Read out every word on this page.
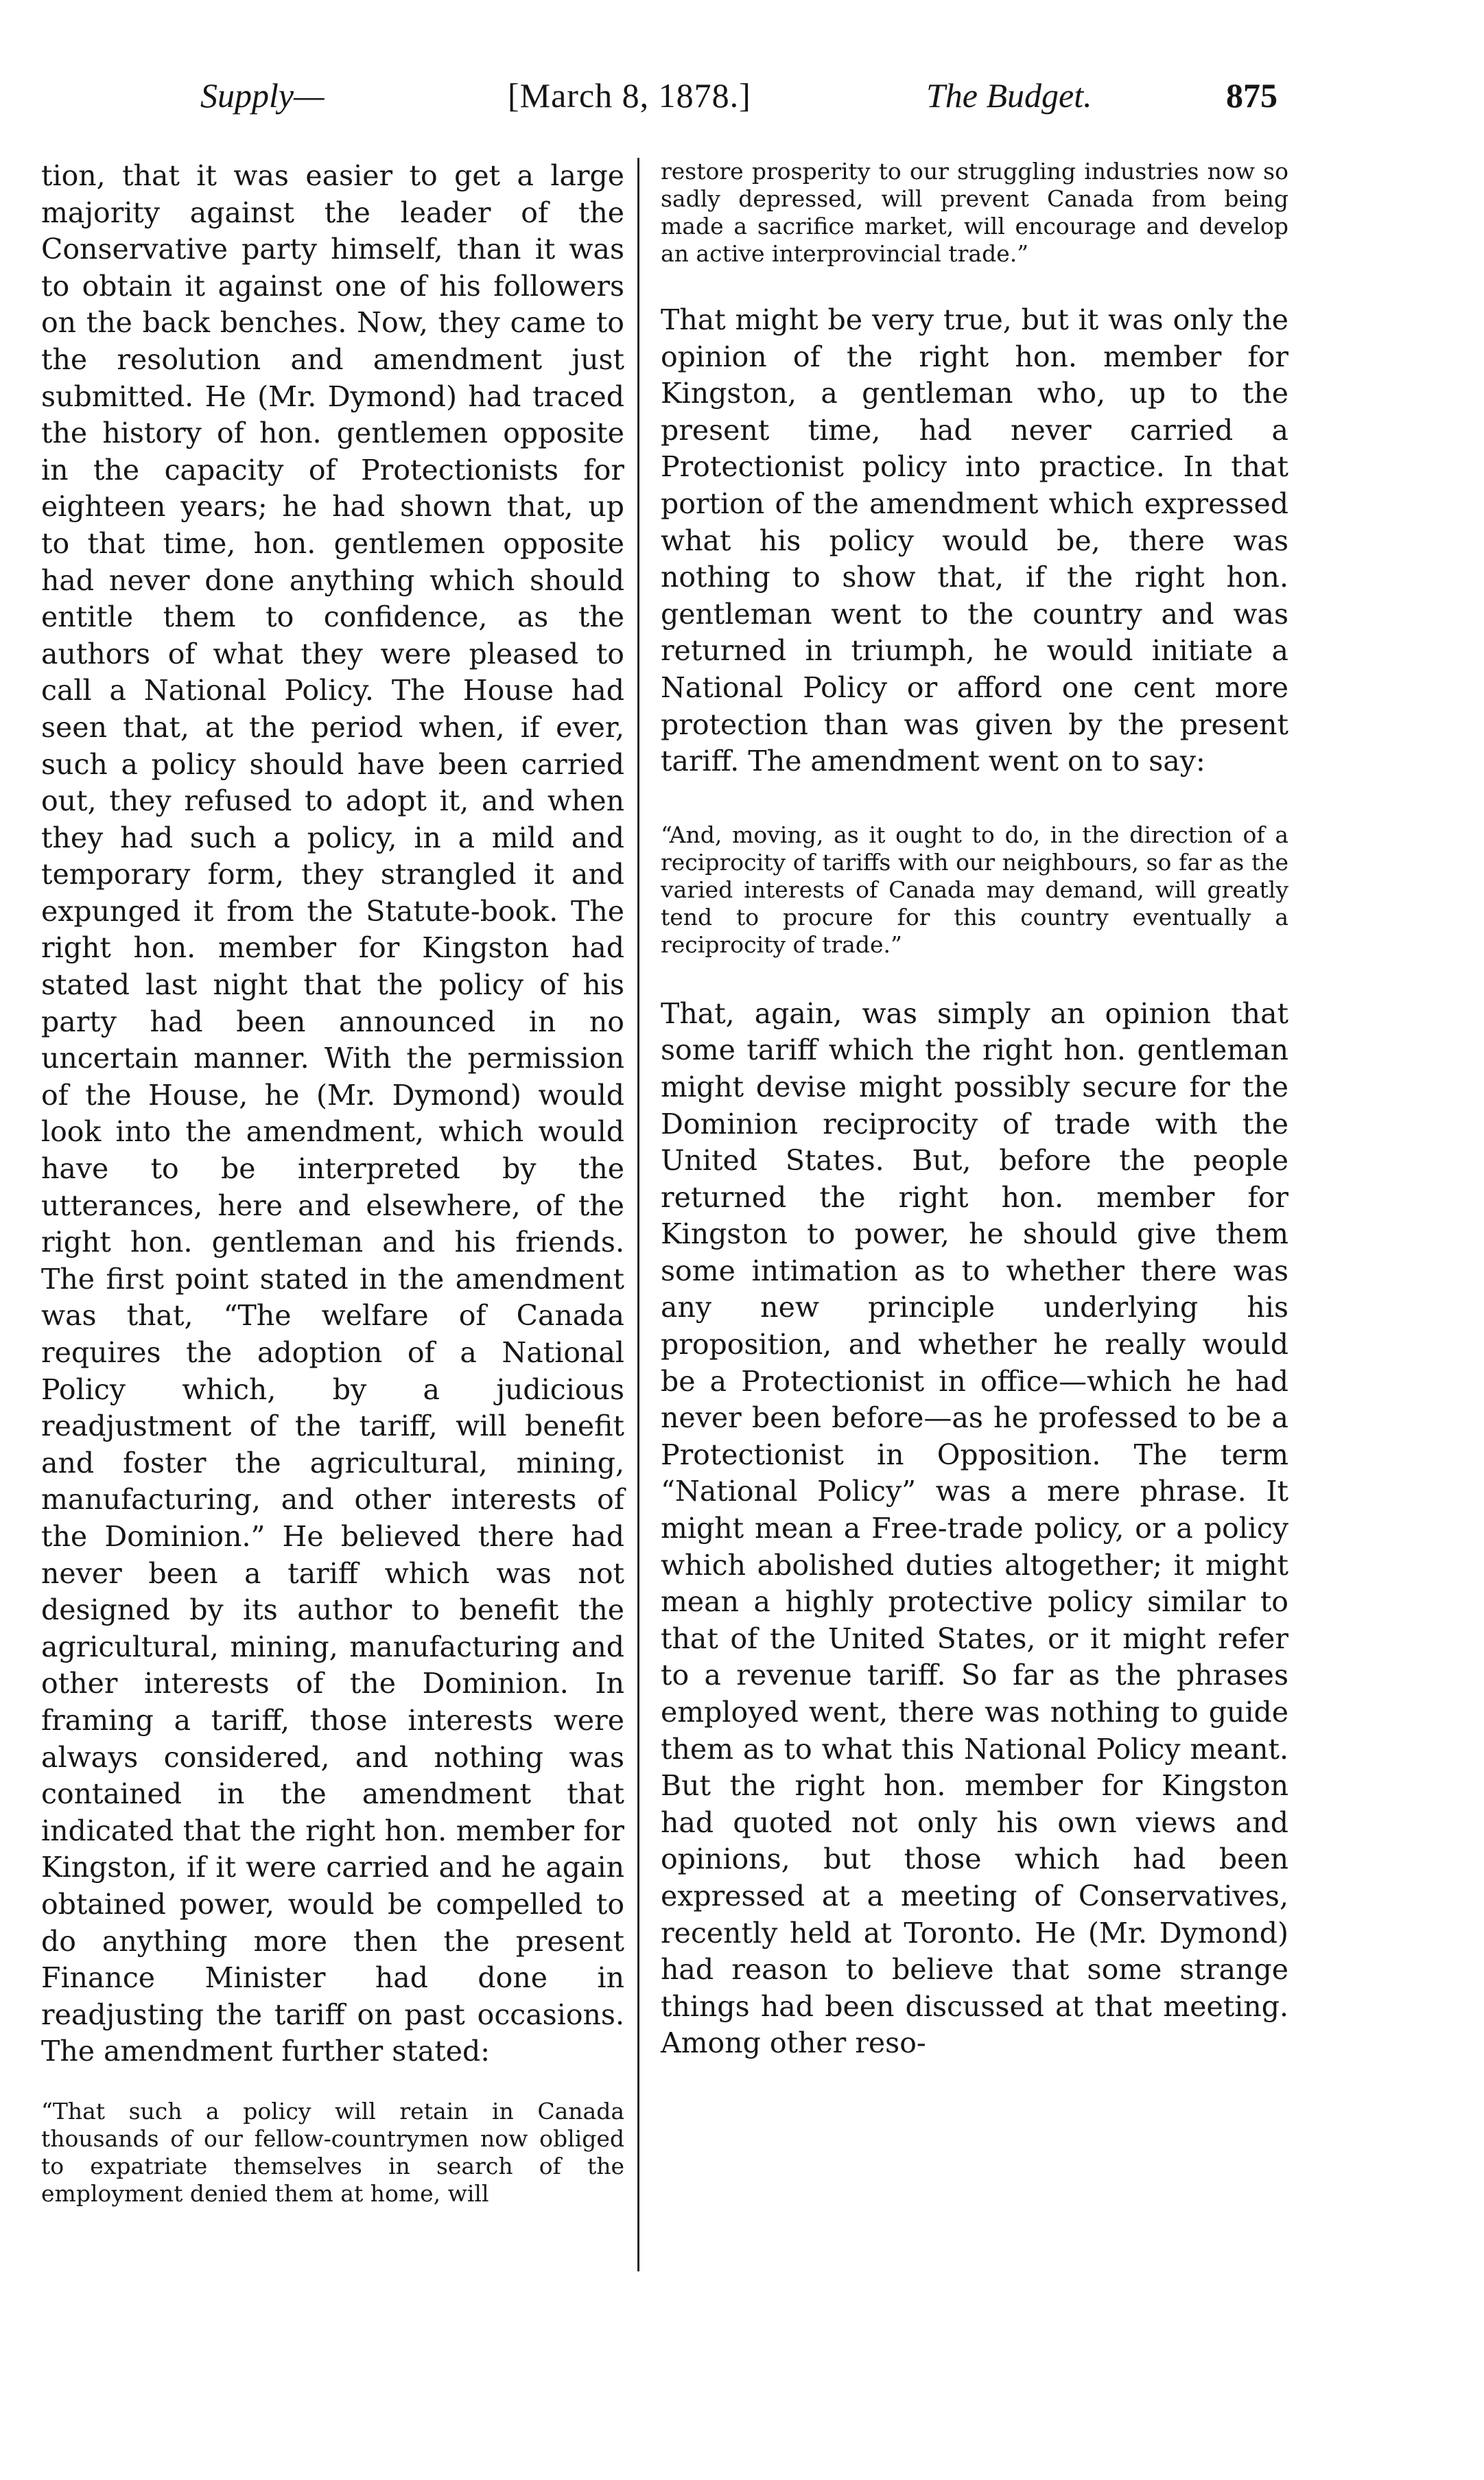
Supply—	[March 8, 1878.]	The Budget.	875

tion, that it was easier to get a large majority against the leader of the Conservative party himself, than it was to obtain it against one of his followers on the back benches. Now, they came to the resolution and amendment just submitted. He (Mr. Dymond) had traced the history of hon. gentlemen opposite in the capacity of Protectionists for eighteen years; he had shown that, up to that time, hon. gentlemen opposite had never done anything which should entitle them to confidence, as the authors of what they were pleased to call a National Policy. The House had seen that, at the period when, if ever, such a policy should have been carried out, they refused to adopt it, and when they had such a policy, in a mild and temporary form, they strangled it and expunged it from the Statute-book. The right hon. member for Kingston had stated last night that the policy of his party had been announced in no uncertain manner. With the permission of the House, he (Mr. Dymond) would look into the amendment, which would have to be interpreted by the utterances, here and elsewhere, of the right hon. gentleman and his friends. The first point stated in the amendment was that, “The welfare of Canada requires the adoption of a National Policy which, by a judicious readjustment of the tariff, will benefit and foster the agricultural, mining, manufacturing, and other interests of the Dominion.” He believed there had never been a tariff which was not designed by its author to benefit the agricultural, mining, manufacturing and other interests of the Dominion. In framing a tariff, those interests were always considered, and nothing was contained in the amendment that indicated that the right hon. member for Kingston, if it were carried and he again obtained power, would be compelled to do anything more then the present Finance Minister had done in readjusting the tariff on past occasions. The amendment further stated:

“That such a policy will retain in Canada thousands of our fellow-countrymen now obliged to expatriate themselves in search of the employment denied them at home, will

restore prosperity to our struggling industries now so sadly depressed, will prevent Canada from being made a sacrifice market, will encourage and develop an active interprovincial trade.”

That might be very true, but it was only the opinion of the right hon. member for Kingston, a gentleman who, up to the present time, had never carried a Protectionist policy into practice. In that portion of the amendment which expressed what his policy would be, there was nothing to show that, if the right hon. gentleman went to the country and was returned in triumph, he would initiate a National Policy or afford one cent more protection than was given by the present tariff. The amendment went on to say:

“And, moving, as it ought to do, in the direction of a reciprocity of tariffs with our neighbours, so far as the varied interests of Canada may demand, will greatly tend to procure for this country eventually a reciprocity of trade.”

That, again, was simply an opinion that some tariff which the right hon. gentleman might devise might possibly secure for the Dominion reciprocity of trade with the United States. But, before the people returned the right hon. member for Kingston to power, he should give them some intimation as to whether there was any new principle underlying his proposition, and whether he really would be a Protectionist in office—which he had never been before—as he professed to be a Protectionist in Opposition. The term “National Policy” was a mere phrase. It might mean a Free-trade policy, or a policy which abolished duties altogether; it might mean a highly protective policy similar to that of the United States, or it might refer to a revenue tariff. So far as the phrases employed went, there was nothing to guide them as to what this National Policy meant. But the right hon. member for Kingston had quoted not only his own views and opinions, but those which had been expressed at a meeting of Conservatives, recently held at Toronto. He (Mr. Dymond) had reason to believe that some strange things had been discussed at that meeting. Among other reso-
